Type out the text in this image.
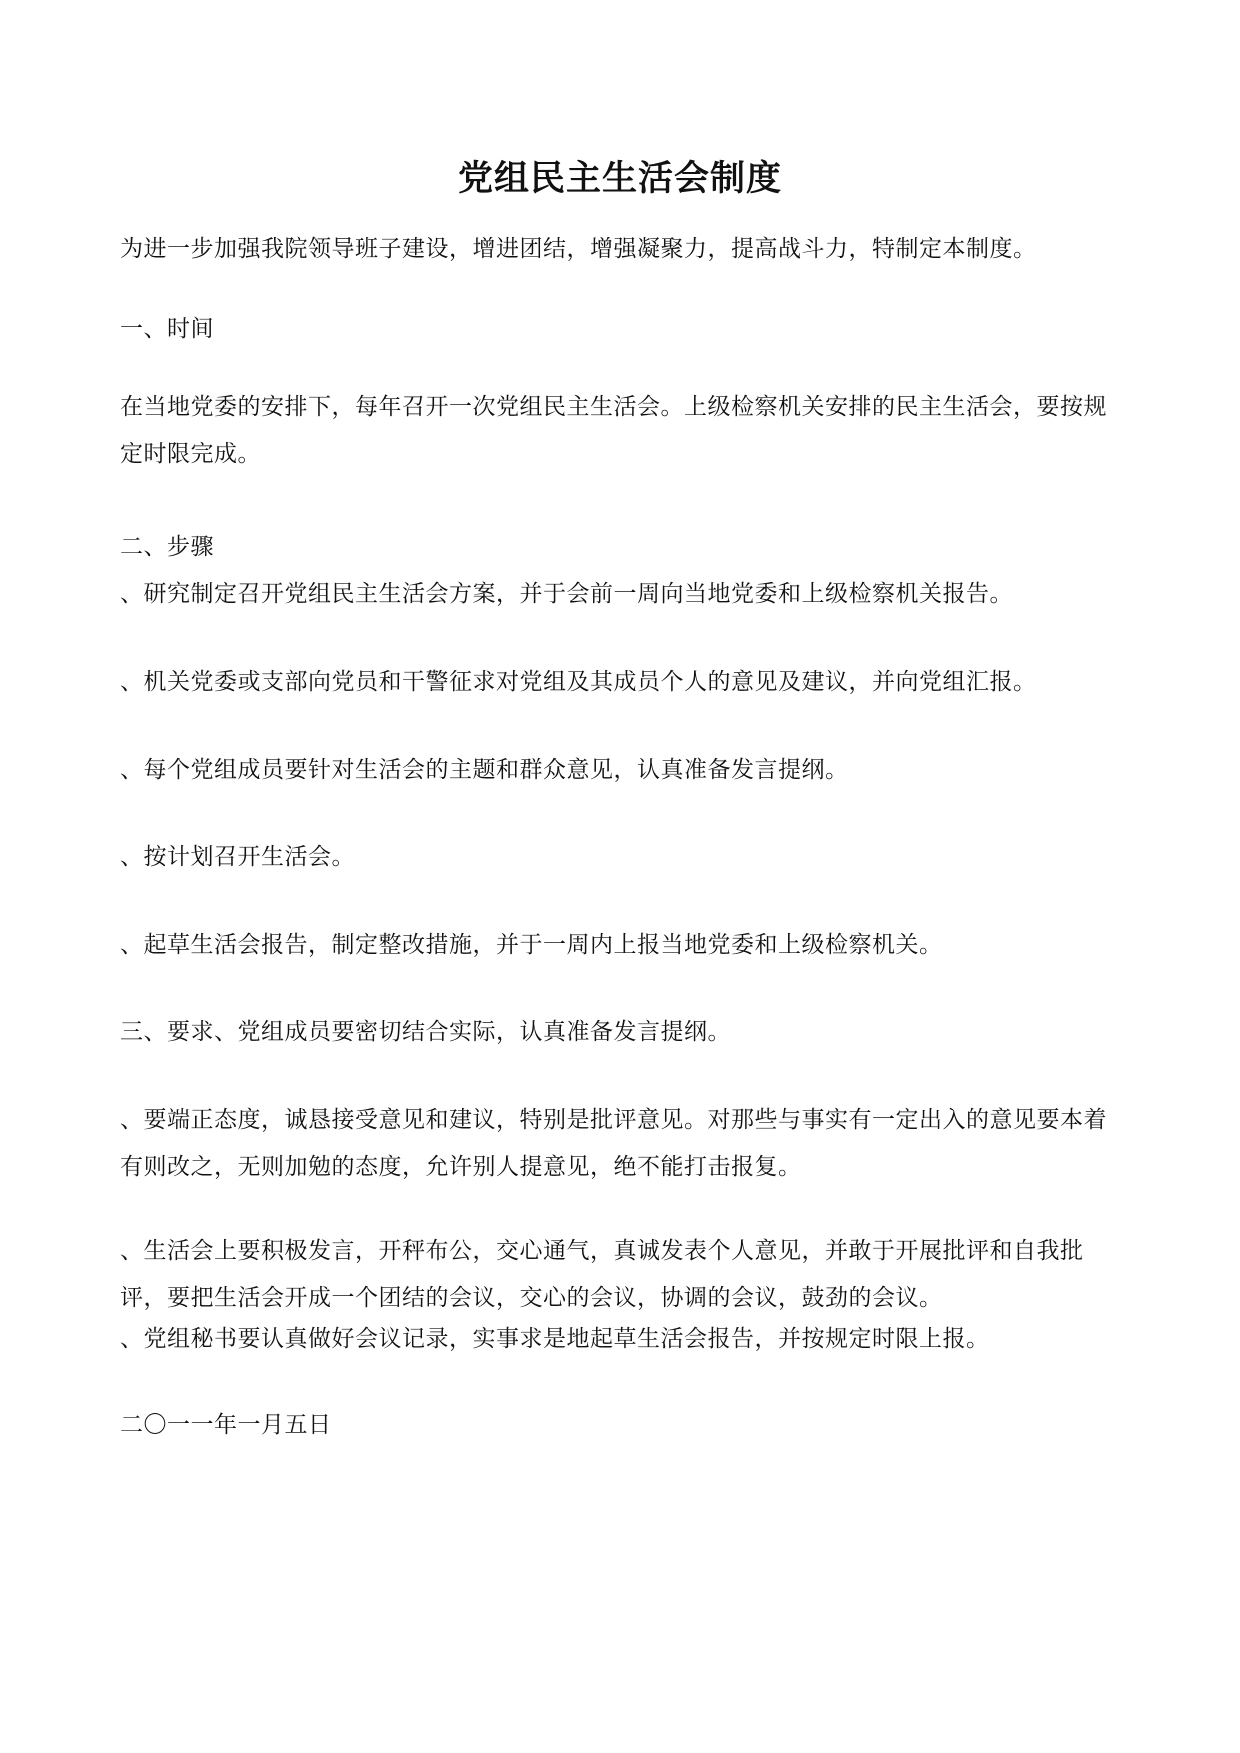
党组民主生活会制度

为进一步加强我院领导班子建设，增进团结，增强凝聚力，提高战斗力，特制定本制度。

一、时间

在当地党委的安排下，每年召开一次党组民主生活会。上级检察机关安排的民主生活会，要按规定时限完成。

二、步骤

、研究制定召开党组民主生活会方案，并于会前一周向当地党委和上级检察机关报告。

、机关党委或支部向党员和干警征求对党组及其成员个人的意见及建议，并向党组汇报。

、每个党组成员要针对生活会的主题和群众意见，认真准备发言提纲。

、按计划召开生活会。

、起草生活会报告，制定整改措施，并于一周内上报当地党委和上级检察机关。

三、要求、党组成员要密切结合实际，认真准备发言提纲。

、要端正态度，诚恳接受意见和建议，特别是批评意见。对那些与事实有一定出入的意见要本着有则改之，无则加勉的态度，允许别人提意见，绝不能打击报复。

、生活会上要积极发言，开秤布公，交心通气，真诚发表个人意见，并敢于开展批评和自我批评，要把生活会开成一个团结的会议，交心的会议，协调的会议，鼓劲的会议。

、党组秘书要认真做好会议记录，实事求是地起草生活会报告，并按规定时限上报。

二〇一一年一月五日
